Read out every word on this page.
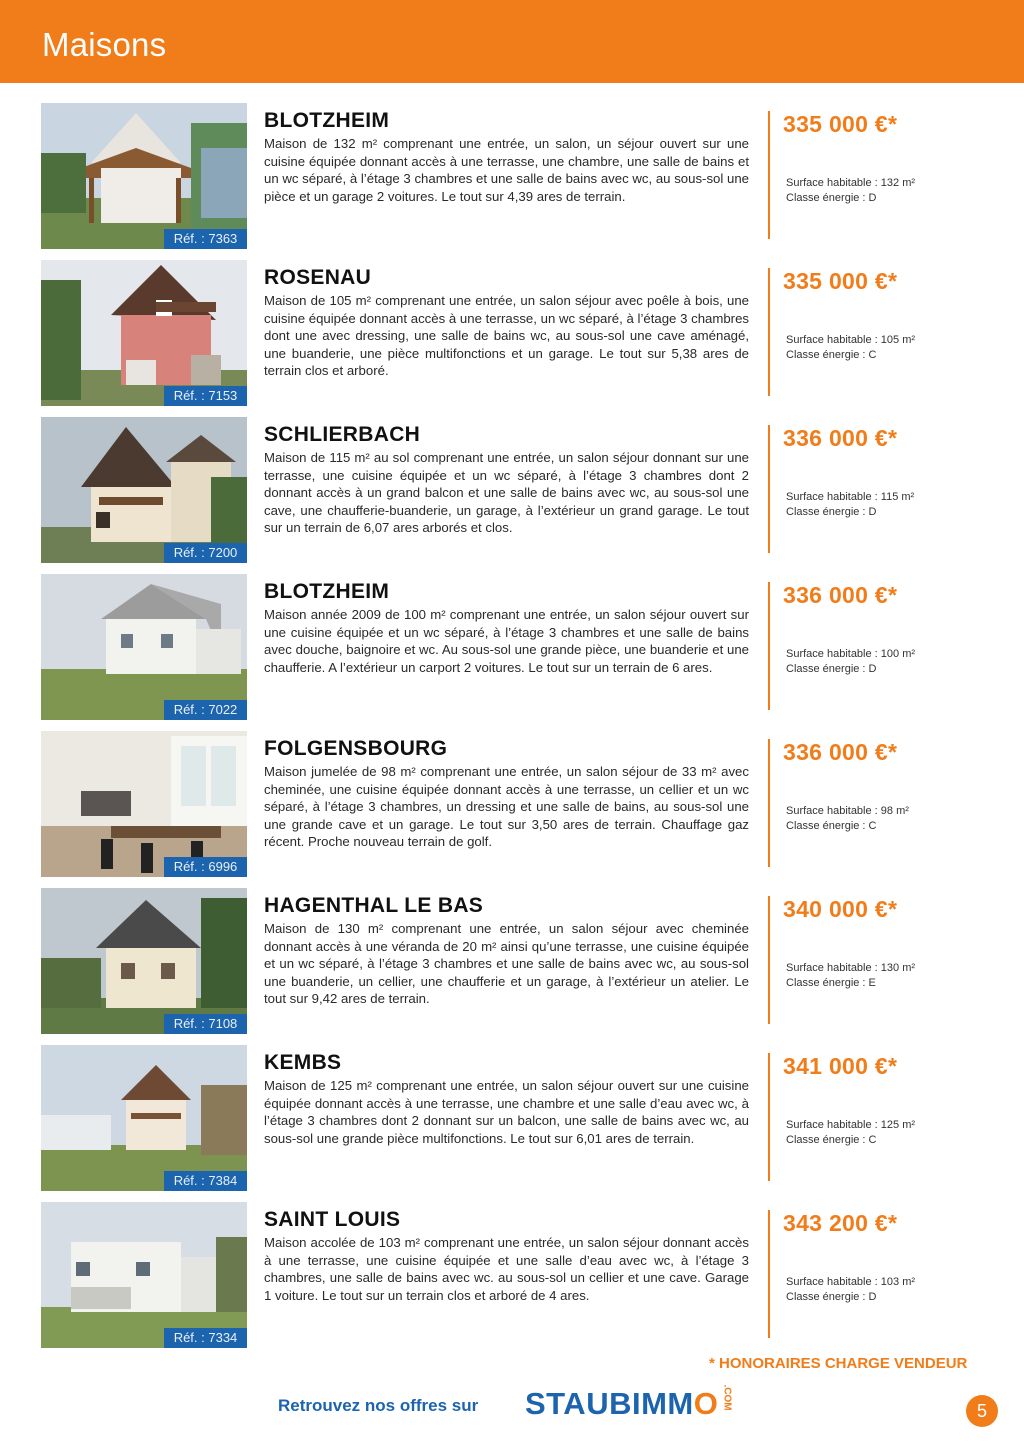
Maisons
Réf. : 7363
BLOTZHEIM
Maison de 132 m² comprenant une entrée, un salon, un séjour ouvert sur une cuisine équipée donnant accès à une terrasse, une chambre, une salle de bains et un wc séparé, à l’étage 3 chambres et une salle de bains avec wc, au sous-sol une pièce et un garage 2 voitures. Le tout sur 4,39 ares de terrain.
335 000 €*
Surface habitable : 132 m²
Classe énergie : D
Réf. : 7153
ROSENAU
Maison de 105 m² comprenant une entrée, un salon séjour avec poêle à bois, une cuisine équipée donnant accès à une terrasse, un wc séparé, à l’étage 3 chambres dont une avec dressing, une salle de bains wc, au sous-sol une cave aménagé, une buanderie, une pièce multifonctions et un garage. Le tout sur 5,38 ares de terrain clos et arboré.
335 000 €*
Surface habitable : 105 m²
Classe énergie : C
Réf. : 7200
SCHLIERBACH
Maison de 115 m² au sol comprenant une entrée, un salon séjour donnant sur une terrasse, une cuisine équipée et un wc séparé, à l’étage 3 chambres dont 2 donnant accès à un grand balcon et une salle de bains avec wc, au sous-sol une cave, une chaufferie-buanderie, un garage, à l’extérieur un grand garage. Le tout sur un terrain de 6,07 ares arborés et clos.
336 000 €*
Surface habitable : 115 m²
Classe énergie : D
Réf. : 7022
BLOTZHEIM
Maison année 2009 de 100 m² comprenant une entrée, un salon séjour ouvert sur une cuisine équipée et un wc séparé, à l’étage 3 chambres et une salle de bains avec douche, baignoire et wc. Au sous-sol une grande pièce, une buanderie et une chaufferie. A l’extérieur un carport 2 voitures. Le tout sur un terrain de 6 ares.
336 000 €*
Surface habitable : 100 m²
Classe énergie : D
Réf. : 6996
FOLGENSBOURG
Maison jumelée de 98 m² comprenant une entrée, un salon séjour de 33 m² avec cheminée, une cuisine équipée donnant accès à une terrasse, un cellier et un wc séparé, à l’étage 3 chambres, un dressing et une salle de bains, au sous-sol une une grande cave et un garage. Le tout sur 3,50 ares de terrain. Chauffage gaz récent. Proche nouveau terrain de golf.
336 000 €*
Surface habitable : 98 m²
Classe énergie : C
Réf. : 7108
HAGENTHAL LE BAS
Maison de 130 m² comprenant une entrée, un salon séjour avec cheminée donnant accès à une véranda de 20 m² ainsi qu’une terrasse, une cuisine équipée et un wc séparé, à l’étage 3 chambres et une salle de bains avec wc, au sous-sol une buanderie, un cellier, une chaufferie et un garage, à l’extérieur un atelier. Le tout sur 9,42 ares de terrain.
340 000 €*
Surface habitable : 130 m²
Classe énergie : E
Réf. : 7384
KEMBS
Maison de 125 m² comprenant une entrée, un salon séjour ouvert sur une cuisine équipée donnant accès à une terrasse, une chambre et une salle d’eau avec wc, à l’étage 3 chambres dont 2 donnant sur un balcon, une salle de bains avec wc, au sous-sol une grande pièce multifonctions. Le tout sur 6,01 ares de terrain.
341 000 €*
Surface habitable : 125 m²
Classe énergie : C
Réf. : 7334
SAINT LOUIS
Maison accolée de 103 m² comprenant une entrée, un salon séjour donnant accès à une terrasse, une cuisine équipée et une salle d’eau avec wc, à l’étage 3 chambres, une salle de bains avec wc. au sous-sol un cellier et une cave. Garage 1 voiture. Le tout sur un terrain clos et arboré de 4 ares.
343 200 €*
Surface habitable : 103 m²
Classe énergie : D
* HONORAIRES CHARGE VENDEUR
Retrouvez nos offres sur STAUBIMMO .COM
5
